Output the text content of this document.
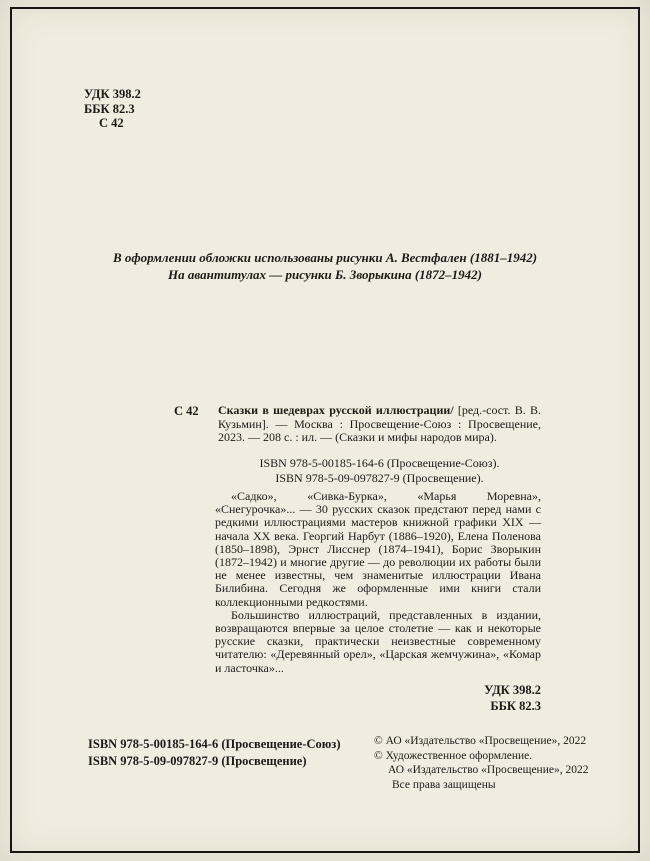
УДК 398.2
ББК 82.3
С 42
В оформлении обложки использованы рисунки А. Вестфален (1881–1942)
На авантитулах — рисунки Б. Зворыкина (1872–1942)
С 42 Сказки в шедеврах русской иллюстрации/ [ред.-сост. В. В. Кузьмин]. — Москва : Просвещение-Союз : Просвещение, 2023. — 208 с. : ил. — (Сказки и мифы народов мира).
ISBN 978-5-00185-164-6 (Просвещение-Союз).
ISBN 978-5-09-097827-9 (Просвещение).

«Садко», «Сивка-Бурка», «Марья Моревна», «Снегурочка»... — 30 русских сказок предстают перед нами с редкими иллюстрациями мастеров книжной графики XIX — начала XX века. Георгий Нарбут (1886–1920), Елена Поленова (1850–1898), Эрнст Лисснер (1874–1941), Борис Зворыкин (1872–1942) и многие другие — до революции их работы были не менее известны, чем знаменитые иллюстрации Ивана Билибина. Сегодня же оформленные ими книги стали коллекционными редкостями.

Большинство иллюстраций, представленных в издании, возвращаются впервые за целое столетие — как и некоторые русские сказки, практически неизвестные современному читателю: «Деревянный орел», «Царская жемчужина», «Комар и ласточка»...

УДК 398.2
ББК 82.3
ISBN 978-5-00185-164-6 (Просвещение-Союз)
ISBN 978-5-09-097827-9 (Просвещение)
© АО «Издательство «Просвещение», 2022
© Художественное оформление.
АО «Издательство «Просвещение», 2022
Все права защищены
